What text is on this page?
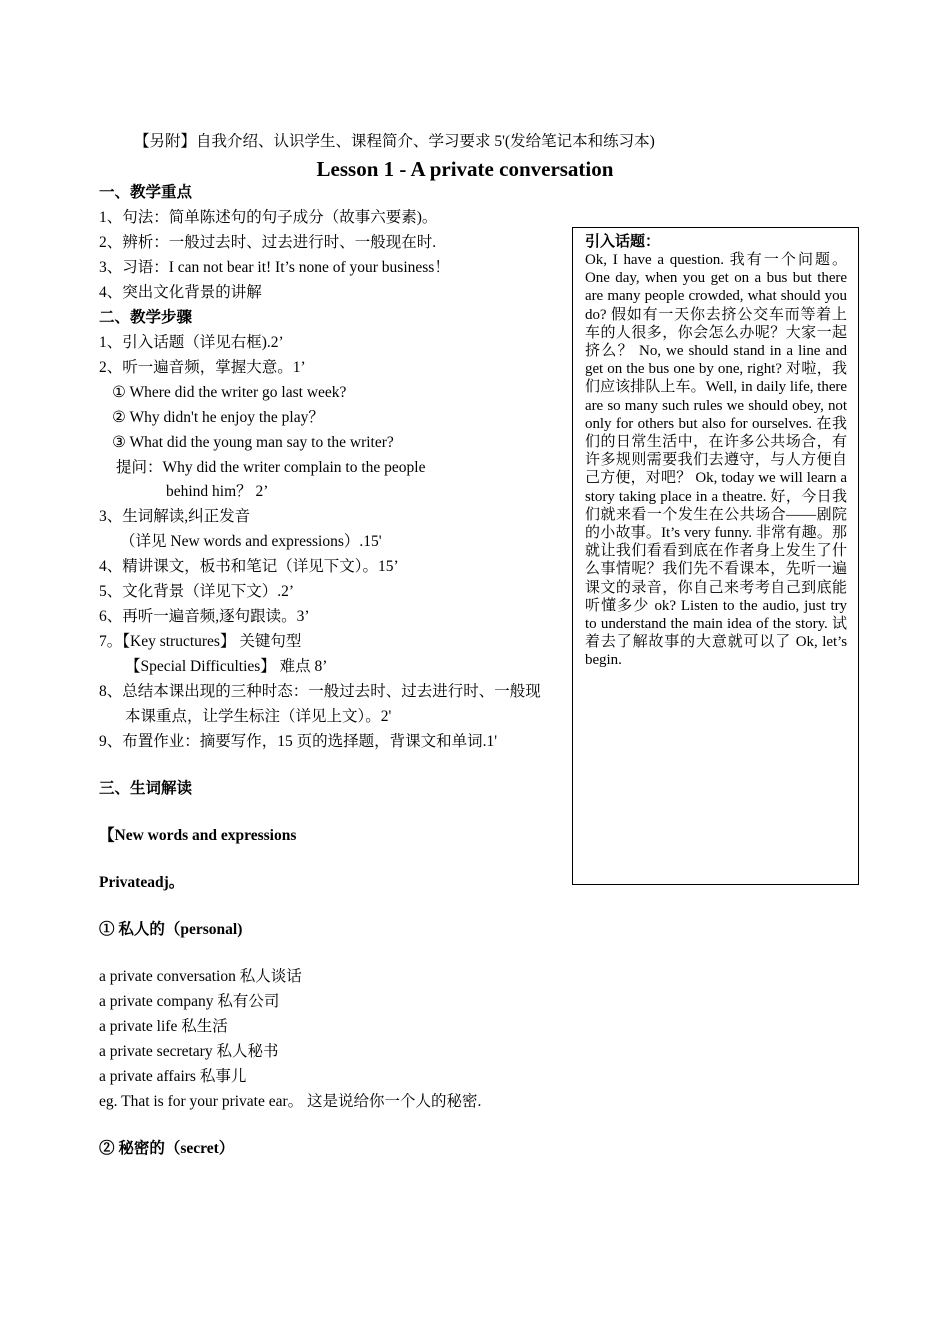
【另附】自我介绍、认识学生、课程简介、学习要求 5'(发给笔记本和练习本)
Lesson 1 - A private conversation
一、教学重点
1、句法：简单陈述句的句子成分（故事六要素)。
2、辨析：一般过去时、过去进行时、一般现在时.
3、习语：I can not bear it! It’s none of your business！
4、突出文化背景的讲解
二、教学步骤
1、引入话题（详见右框).2’
2、听一遍音频，掌握大意。1’
① Where did the writer go last week?
② Why didn't he enjoy the play？
③ What did the young man say to the writer?
提问：Why did the writer complain to the people
behind him？ 2’
3、生词解读,纠正发音
（详见 New words and expressions）.15'
4、精讲课文，板书和笔记（详见下文）。15’
5、文化背景（详见下文）.2’
6、再听一遍音频,逐句跟读。3’
7。【Key structures】 关键句型
【Special Difficulties】 难点 8’
8、总结本课出现的三种时态：一般过去时、过去进行时、一般现
本课重点，让学生标注（详见上文）。2'
9、布置作业：摘要写作，15 页的选择题，背课文和单词.1'
三、生词解读
【New words and expressions
Privateadj。
① 私人的（personal)
a private conversation 私人谈话
a private company 私有公司
a private life 私生活
a private secretary 私人秘书
a private affairs 私事儿
eg. That is for your private ear。 这是说给你一个人的秘密.
② 秘密的（secret）
引入话题：
Ok, I have a question. 我有一个问题。One day, when you get on a bus but there are many people crowded, what should you do? 假如有一天你去挤公交车而等着上车的人很多，你会怎么办呢？大家一起挤么？ No, we should stand in a line and get on the bus one by one, right? 对啦，我们应该排队上车。Well, in daily life, there are so many such rules we should obey, not only for others but also for ourselves. 在我们的日常生活中，在许多公共场合，有许多规则需要我们去遵守，与人方便自己方便，对吧？ Ok, today we will learn a story taking place in a theatre. 好，今日我们就来看一个发生在公共场合——剧院的小故事。It’s very funny. 非常有趣。那就让我们看看到底在作者身上发生了什么事情呢？我们先不看课本，先听一遍课文的录音，你自己来考考自己到底能听懂多少 ok? Listen to the audio, just try to understand the main idea of the story. 试着去了解故事的大意就可以了 Ok, let’s begin.
